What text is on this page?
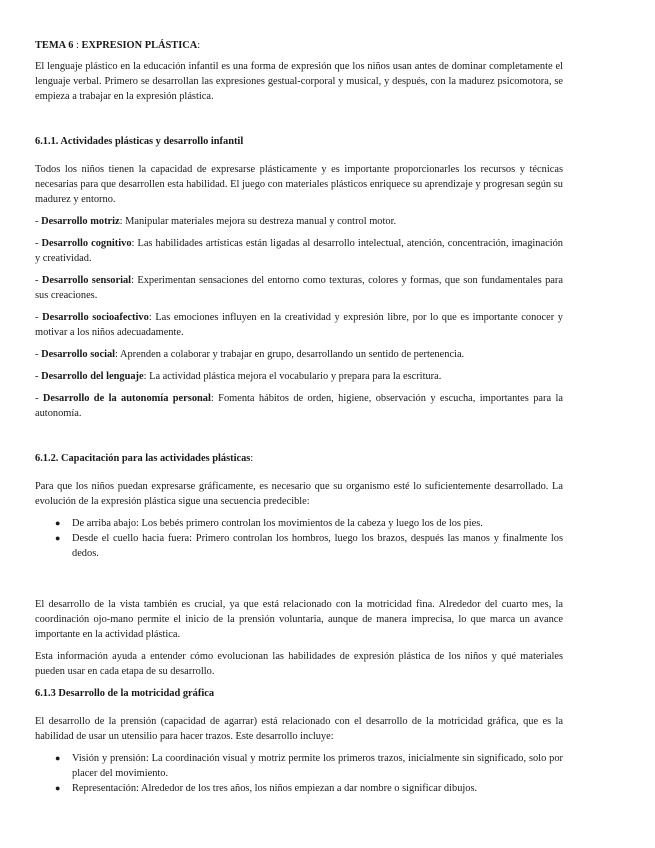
TEMA 6 : EXPRESION PLÁSTICA:

El lenguaje plástico en la educación infantil es una forma de expresión que los niños usan antes de dominar completamente el lenguaje verbal. Primero se desarrollan las expresiones gestual-corporal y musical, y después, con la madurez psicomotora, se empieza a trabajar en la expresión plástica.

6.1.1. Actividades plásticas y desarrollo infantil

Todos los niños tienen la capacidad de expresarse plásticamente y es importante proporcionarles los recursos y técnicas necesarias para que desarrollen esta habilidad. El juego con materiales plásticos enriquece su aprendizaje y progresan según su madurez y entorno.

- Desarrollo motriz: Manipular materiales mejora su destreza manual y control motor.

- Desarrollo cognitivo: Las habilidades artísticas están ligadas al desarrollo intelectual, atención, concentración, imaginación y creatividad.

- Desarrollo sensorial: Experimentan sensaciones del entorno como texturas, colores y formas, que son fundamentales para sus creaciones.

- Desarrollo socioafectivo: Las emociones influyen en la creatividad y expresión libre, por lo que es importante conocer y motivar a los niños adecuadamente.

- Desarrollo social: Aprenden a colaborar y trabajar en grupo, desarrollando un sentido de pertenencia.

- Desarrollo del lenguaje: La actividad plástica mejora el vocabulario y prepara para la escritura.

- Desarrollo de la autonomía personal: Fomenta hábitos de orden, higiene, observación y escucha, importantes para la autonomía.

6.1.2. Capacitación para las actividades plásticas:

Para que los niños puedan expresarse gráficamente, es necesario que su organismo esté lo suficientemente desarrollado. La evolución de la expresión plástica sigue una secuencia predecible:

● De arriba abajo: Los bebés primero controlan los movimientos de la cabeza y luego los de los pies.
● Desde el cuello hacia fuera: Primero controlan los hombros, luego los brazos, después las manos y finalmente los dedos.

El desarrollo de la vista también es crucial, ya que está relacionado con la motricidad fina. Alrededor del cuarto mes, la coordinación ojo-mano permite el inicio de la prensión voluntaria, aunque de manera imprecisa, lo que marca un avance importante en la actividad plástica.

Esta información ayuda a entender cómo evolucionan las habilidades de expresión plástica de los niños y qué materiales pueden usar en cada etapa de su desarrollo.

6.1.3 Desarrollo de la motricidad gráfica

El desarrollo de la prensión (capacidad de agarrar) está relacionado con el desarrollo de la motricidad gráfica, que es la habilidad de usar un utensilio para hacer trazos. Este desarrollo incluye:

● Visión y prensión: La coordinación visual y motriz permite los primeros trazos, inicialmente sin significado, solo por placer del movimiento.
● Representación: Alrededor de los tres años, los niños empiezan a dar nombre o significar dibujos.
